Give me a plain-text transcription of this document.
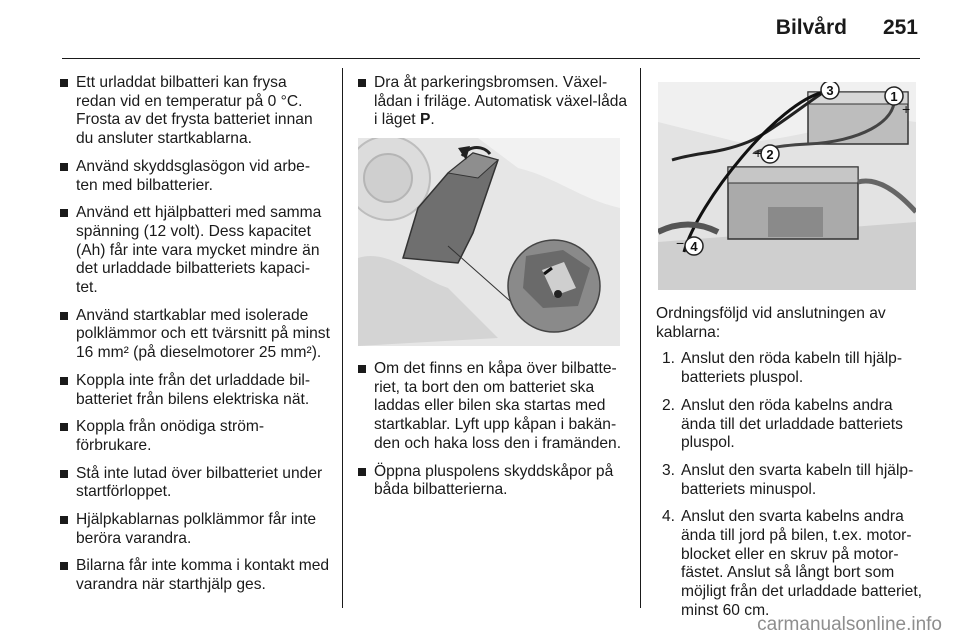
Bilvård 251
Ett urladdat bilbatteri kan frysa redan vid en temperatur på 0 °C. Frosta av det frysta batteriet innan du ansluter startkablarna.
Använd skyddsglasögon vid arbe-ten med bilbatterier.
Använd ett hjälpbatteri med samma spänning (12 volt). Dess kapacitet (Ah) får inte vara mycket mindre än det urladdade bilbatteriets kapaci-tet.
Använd startkablar med isolerade polklämmor och ett tvärsnitt på minst 16 mm² (på dieselmotorer 25 mm²).
Koppla inte från det urladdade bil-batteriet från bilens elektriska nät.
Koppla från onödiga ström-förbrukare.
Stå inte lutad över bilbatteriet under startförloppet.
Hjälpkablarnas polklämmor får inte beröra varandra.
Bilarna får inte komma i kontakt med varandra när starthjälp ges.
Dra åt parkeringsbromsen. Växel-lådan i friläge. Automatisk växel-låda i läget P.
Om det finns en kåpa över bilbatte-riet, ta bort den om batteriet ska laddas eller bilen ska startas med startkablar. Lyft upp kåpan i bakän-den och haka loss den i framänden.
Öppna pluspolens skyddskåpor på båda bilbatterierna.
1
2
3
4
+
+
−

Ordningsföljd vid anslutningen av kablarna:

1. Anslut den röda kabeln till hjälp-batteriets pluspol.
2. Anslut den röda kabelns andra ända till det urladdade batteriets pluspol.
3. Anslut den svarta kabeln till hjälp-batteriets minuspol.
4. Anslut den svarta kabelns andra ända till jord på bilen, t.ex. motor-blocket eller en skruv på motor-fästet. Anslut så långt bort som möjligt från det urladdade batteriet, minst 60 cm.
carmanualsonline.info
